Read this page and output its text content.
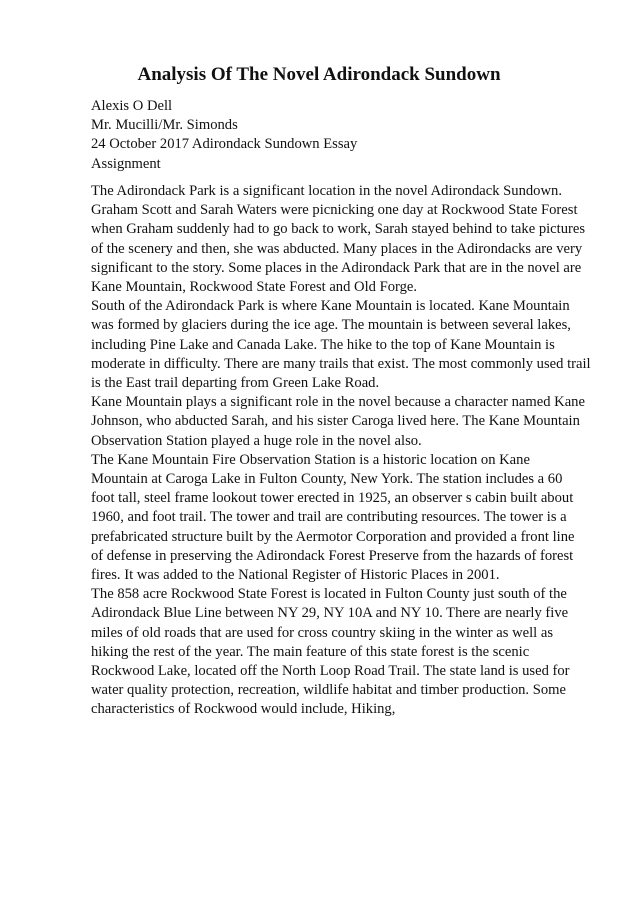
Analysis Of The Novel Adirondack Sundown
Alexis O Dell
Mr. Mucilli/Mr. Simonds
24 October 2017 Adirondack Sundown Essay
Assignment
The Adirondack Park is a significant location in the novel Adirondack Sundown.
Graham Scott and Sarah Waters were picnicking one day at Rockwood State Forest
when Graham suddenly had to go back to work, Sarah stayed behind to take pictures
of the scenery and then, she was abducted. Many places in the Adirondacks are very
significant to the story. Some places in the Adirondack Park that are in the novel are
Kane Mountain, Rockwood State Forest and Old Forge.
South of the Adirondack Park is where Kane Mountain is located. Kane Mountain
was formed by glaciers during the ice age. The mountain is between several lakes,
including Pine Lake and Canada Lake. The hike to the top of Kane Mountain is
moderate in difficulty. There are many trails that exist. The most commonly used trail
is the East trail departing from Green Lake Road.
Kane Mountain plays a significant role in the novel because a character named Kane
Johnson, who abducted Sarah, and his sister Caroga lived here. The Kane Mountain
Observation Station played a huge role in the novel also.
The Kane Mountain Fire Observation Station is a historic location on Kane
Mountain at Caroga Lake in Fulton County, New York. The station includes a 60
foot tall, steel frame lookout tower erected in 1925, an observer s cabin built about
1960, and foot trail. The tower and trail are contributing resources. The tower is a
prefabricated structure built by the Aermotor Corporation and provided a front line
of defense in preserving the Adirondack Forest Preserve from the hazards of forest
fires. It was added to the National Register of Historic Places in 2001.
The 858 acre Rockwood State Forest is located in Fulton County just south of the
Adirondack Blue Line between NY 29, NY 10A and NY 10. There are nearly five
miles of old roads that are used for cross country skiing in the winter as well as
hiking the rest of the year. The main feature of this state forest is the scenic
Rockwood Lake, located off the North Loop Road Trail. The state land is used for
water quality protection, recreation, wildlife habitat and timber production. Some
characteristics of Rockwood would include, Hiking,
